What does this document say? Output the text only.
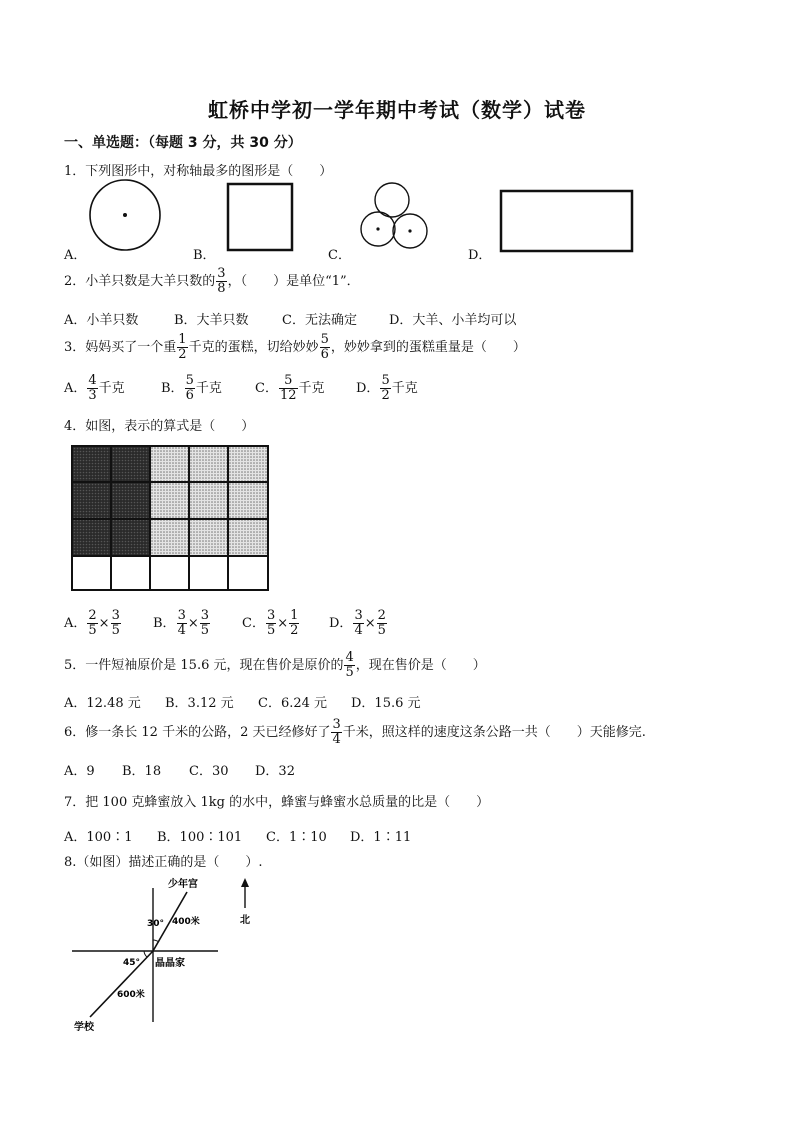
虹桥中学初一学年期中考试（数学）试卷
一、单选题：（每题 3 分，共 30 分）
1．下列图形中，对称轴最多的图形是（　　）
A．	B．	C．	D．
2．小羊只数是大羊只数的 $\frac{3}{8}$ ，（　　）是单位“1”．
A．小羊只数	B．大羊只数	C．无法确定 D．大羊、小羊均可以
3．妈妈买了一个重 $\frac{1}{2}$ 千克的蛋糕，切给妙妙 $\frac{5}{6}$ ，妙妙拿到的蛋糕重量是（　　）
A． $\frac{4}{3}$ 千克	B． $\frac{5}{6}$ 千克	C． $\frac{5}{12}$ 千克 D． $\frac{5}{2}$ 千克
4．如图，表示的算式是（　　）
A． $\frac{2}{5} \times \frac{3}{5}$ B． $\frac{3}{4} \times \frac{3}{5}$ C． $\frac{3}{5} \times \frac{1}{2}$ D． $\frac{3}{4} \times \frac{2}{5}$
5．一件短袖原价是 15.6 元，现在售价是原价的 $\frac{4}{5}$ ，现在售价是（　　）
A．12.48 元 B．3.12 元 C．6.24 元 D．15.6 元
6．修一条长 12 千米的公路，2 天已经修好了 $\frac{3}{4}$ 千米，照这样的速度这条公路一共（　　）天能修完.
A．9 B．18 C．30 D．32
7．把 100 克蜂蜜放入 1kg 的水中，蜂蜜与蜂蜜水总质量的比是（　　）
A．100∶1 B．100∶101 C．1∶10 D．1∶11
8.（如图）描述正确的是（　　）.
少年宫
北
30° 400米
45° 晶晶家
600米
学校
